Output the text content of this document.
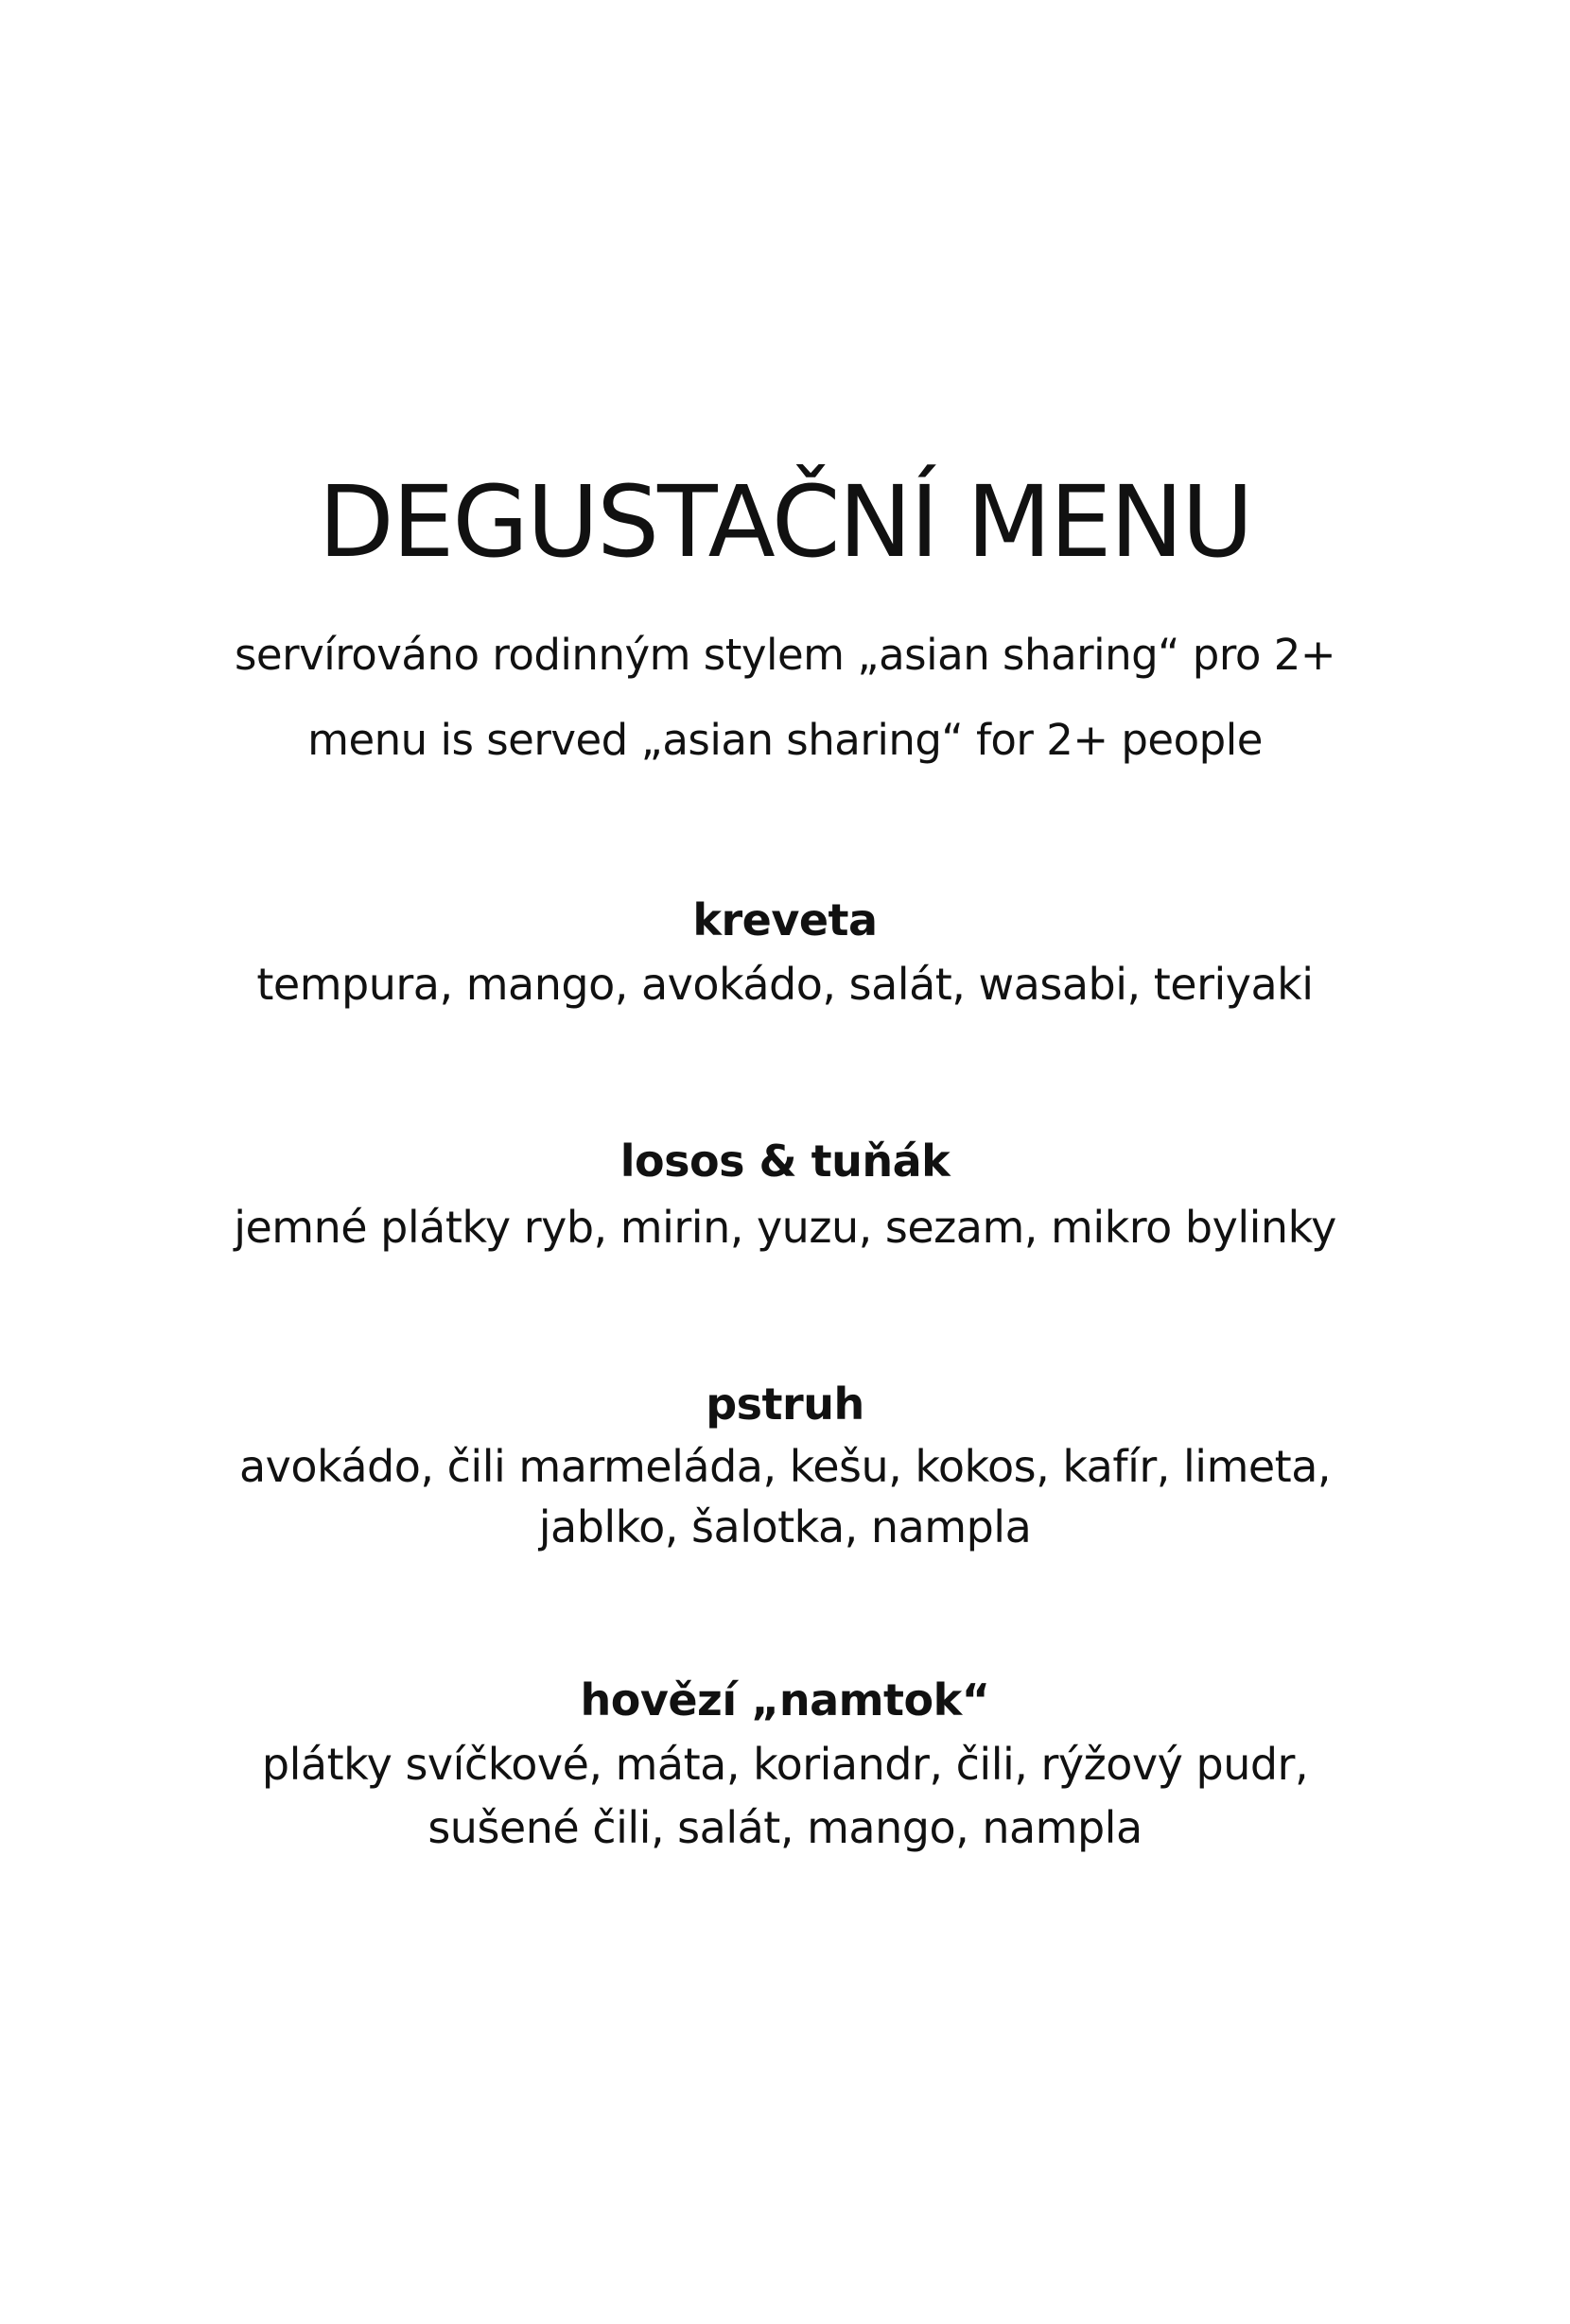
DEGUSTAČNÍ MENU
servírováno rodinným stylem „asian sharing“ pro 2+
menu is served „asian sharing“ for 2+ people
kreveta
tempura, mango, avokádo, salát, wasabi, teriyaki
losos & tuňák
jemné plátky ryb, mirin, yuzu, sezam, mikro bylinky
pstruh
avokádo, čili marmeláda, kešu, kokos, kafír, limeta,
jablko, šalotka, nampla
hovězí „namtok“
plátky svíčkové, máta, koriandr, čili, rýžový pudr,
sušené čili, salát, mango, nampla
